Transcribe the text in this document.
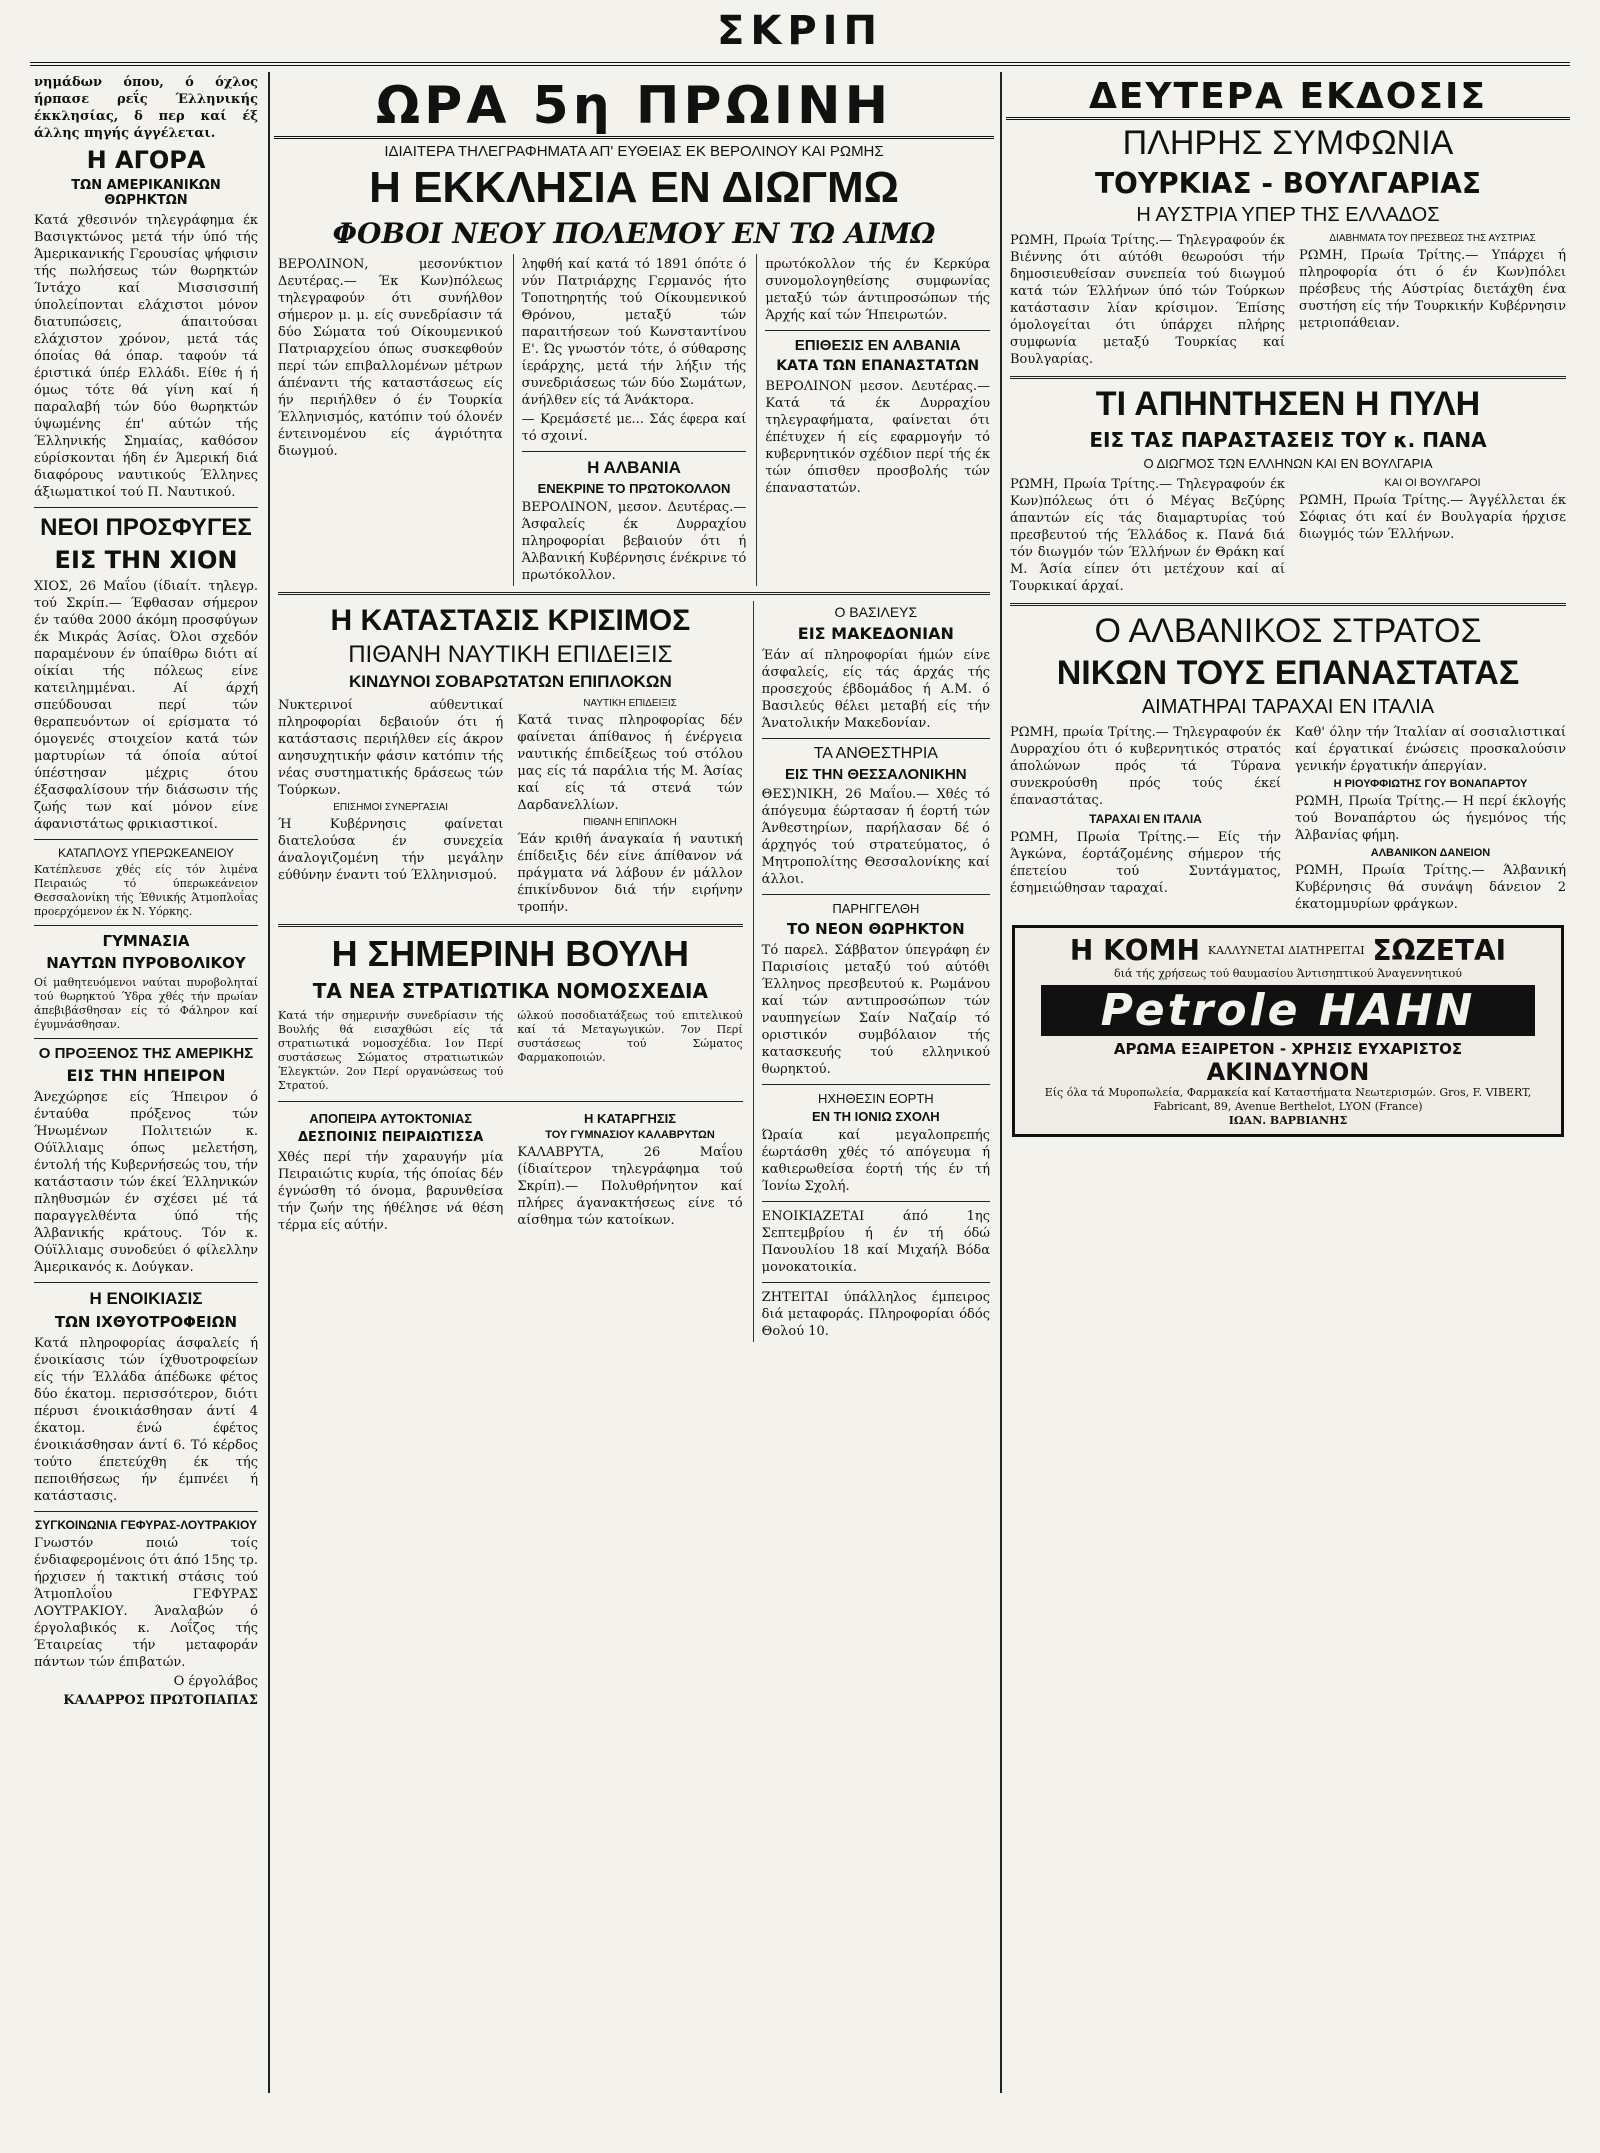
ΣΚΡΙΠ
νημάδων όπου, ό όχλος ήρπασε ρεΐς Έλληνικής έκκλησίας, δ περ καί έξ άλλης πηγής άγγέλεται.
Η ΑΓΟΡΑ
ΤΩΝ ΑΜΕΡΙΚΑΝΙΚΩΝ ΘΩΡΗΚΤΩΝ
Κατά χθεσινόν τηλεγράφημα έκ Βασιγκτώνος μετά τήν ύπό τής Άμερικανικής Γερουσίας ψήφισιν τής πωλήσεως τών θωρηκτών Ίντάχο καί Μισσισσιπή ύπολείπονται ελάχιστοι μόνον διατυπώσεις, άπαιτούσαι ελάχιστον χρόνον, μετά τάς όποίας θά όπαρ. ταφούν τά έριστικά ύπέρ Ελλάδι. Είθε ή ή όμως τότε θά γίνη καί ή παραλαβή τών δύο θωρηκτών ύψωμένης έπ' αύτών τής Έλληνικής Σημαίας, καθόσον εύρίσκονται ήδη έν Άμερική διά διαφόρους ναυτικούς Έλληνες άξιωματικοί τού Π. Ναυτικού.
ΝΕΟΙ ΠΡΟΣΦΥΓΕΣ
ΕΙΣ ΤΗΝ ΧΙΟΝ
ΧΙΟΣ, 26 Μαΐου (ίδιαίτ. τηλεγρ. τού Σκρίπ.— Έφθασαν σήμερον έν ταύθα 2000 άκόμη προσφύγων έκ Μικράς Άσίας. Όλοι σχεδόν παραμένουν έν ύπαίθρω διότι αί οίκίαι τής πόλεως είνε κατειλημμέναι. Αί άρχή σπεύδουσαι περί τών θεραπευόντων οί ερίσματα τό όμογενές στοιχείον κατά τών μαρτυρίων τά όποία αύτοί ύπέστησαν μέχρις ότου έξασφαλίσουν τήν διάσωσιν τής ζωής των καί μόνον είνε άφανιστάτως φρικιαστικοί.
ΚΑΤΑΠΛΟΥΣ ΥΠΕΡΩΚΕΑΝΕΙΟΥ
Κατέπλευσε χθές είς τόν λιμένα Πειραιώς τό ύπερωκεάνειον Θεσσαλονίκη τής Έθνικής Άτμοπλοΐας προερχόμενον έκ Ν. Υόρκης.
ΓΥΜΝΑΣΙΑ
ΝΑΥΤΩΝ ΠΥΡΟΒΟΛΙΚΟΥ
Οί μαθητευόμενοι ναύται πυροβοληταί τού θωρηκτού Ύδρα χθές τήν πρωίαν άπεβιβάσθησαν είς τό Φάληρον καί έγυμνάσθησαν.
Ο ΠΡΟΞΕΝΟΣ ΤΗΣ ΑΜΕΡΙΚΗΣ
ΕΙΣ ΤΗΝ ΗΠΕΙΡΟΝ
Άνεχώρησε είς Ήπειρον ό ένταύθα πρόξενος τών Ήνωμένων Πολιτειών κ. Ούϊλλιαμς όπως μελετήση, έντολή τής Κυβερνήσεώς του, τήν κατάστασιν τών έκεί Έλληνικών πληθυσμών έν σχέσει μέ τά παραγγελθέντα ύπό τής Άλβανικής κράτους. Τόν κ. Ούϊλλιαμς συνοδεύει ό φίλελλην Άμερικανός κ. Δούγκαν.
Η ΕΝΟΙΚΙΑΣΙΣ
ΤΩΝ ΙΧΘΥΟΤΡΟΦΕΙΩΝ
Κατά πληροφορίας άσφαλείς ή ένοικίασις τών ίχθυοτροφείων είς τήν Έλλάδα άπέδωκε φέτος δύο έκατομ. περισσότερον, διότι πέρυσι ένοικιάσθησαν άντί 4 έκατομ. ένώ έφέτος ένοικιάσθησαν άντί 6. Τό κέρδος τούτο έπετεύχθη έκ τής πεποιθήσεως ήν έμπνέει ή κατάστασις.
ΣΥΓΚΟΙΝΩΝΙΑ ΓΕΦΥΡΑΣ-ΛΟΥΤΡΑΚΙΟΥ
Γνωστόν ποιώ τοίς ένδιαφερομένοις ότι άπό 15ης τρ. ήρχισεν ή τακτική στάσις τού Άτμοπλοΐου ΓΕΦΥΡΑΣ ΛΟΥΤΡΑΚΙΟΥ. Άναλαβών ό έργολαβικός κ. Λοΐζος τής Έταιρείας τήν μεταφοράν πάντων τών έπιβατών.
Ο έργολάβος
ΚΑΛΑΡΡΟΣ ΠΡΩΤΟΠΑΠΑΣ
ΩΡΑ 5η ΠΡΩΙΝΗ
ΙΔΙΑΙΤΕΡΑ ΤΗΛΕΓΡΑΦΗΜΑΤΑ ΑΠ' ΕΥΘΕΙΑΣ ΕΚ ΒΕΡΟΛΙΝΟΥ ΚΑΙ ΡΩΜΗΣ
Η ΕΚΚΛΗΣΙΑ ΕΝ ΔΙΩΓΜΩ
ΦΟΒΟΙ ΝΕΟΥ ΠΟΛΕΜΟΥ ΕΝ ΤΩ ΑΙΜΩ
ΒΕΡΟΛΙΝΟΝ, μεσονύκτιον Δευτέρας.— Έκ Κων)πόλεως τηλεγραφούν ότι συνήλθον σήμερον μ. μ. είς συνεδρίασιν τά δύο Σώματα τού Οίκουμενικού Πατριαρχείου όπως συσκεφθούν περί τών επιβαλλομένων μέτρων άπέναντι τής καταστάσεως είς ήν περιήλθεν ό έν Τουρκία Έλληνισμός, κατόπιν τού όλονέν έντεινομένου είς άγριότητα διωγμού.
ληφθή καί κατά τό 1891 όπότε ό νύν Πατριάρχης Γερμανός ήτο Τοποτηρητής τού Οίκουμενικού Θρόνου, μεταξύ τών παραιτήσεων τού Κωνσταντίνου Ε'. Ώς γνωστόν τότε, ό σύθαρσης ίεράρχης, μετά τήν λήξιν τής συνεδριάσεως τών δύο Σωμάτων, άνήλθεν είς τά Άνάκτορα.
— Κρεμάσετέ με... Σάς έφερα καί τό σχοινί.
Η ΑΛΒΑΝΙΑ
ΕΝΕΚΡΙΝΕ ΤΟ ΠΡΩΤΟΚΟΛΛΟΝ
ΒΕΡΟΛΙΝΟΝ, μεσον. Δευτέρας.— Άσφαλείς έκ Δυρραχίου πληροφορίαι βεβαιούν ότι ή Άλβανική Κυβέρνησις ένέκρινε τό πρωτόκολλον.
πρωτόκολλον τής έν Κερκύρα συνομολογηθείσης συμφωνίας μεταξύ τών άντιπροσώπων τής Άρχής καί τών Ήπειρωτών.
ΕΠΙΘΕΣΙΣ ΕΝ ΑΛΒΑΝΙΑ
ΚΑΤΑ ΤΩΝ ΕΠΑΝΑΣΤΑΤΩΝ
ΒΕΡΟΛΙΝΟΝ μεσον. Δευτέρας.— Κατά τά έκ Δυρραχίου τηλεγραφήματα, φαίνεται ότι έπέτυχεν ή είς εφαρμογήν τό κυβερνητικόν σχέδιον περί τής έκ τών όπισθεν προσβολής τών έπαναστατών.
Η ΚΑΤΑΣΤΑΣΙΣ ΚΡΙΣΙΜΟΣ
ΠΙΘΑΝΗ ΝΑΥΤΙΚΗ ΕΠΙΔΕΙΞΙΣ
ΚΙΝΔΥΝΟΙ ΣΟΒΑΡΩΤΑΤΩΝ ΕΠΙΠΛΟΚΩΝ
Νυκτερινοί αύθεντικαί πληροφορίαι δεβαιούν ότι ή κατάστασις περιήλθεν είς άκρον ανησυχητικήν φάσιν κατόπιν τής νέας συστηματικής δράσεως τών Τούρκων.
ΕΠΙΣΗΜΟΙ ΣΥΝΕΡΓΑΣΙΑΙ
Ή Κυβέρνησις φαίνεται διατελούσα έν συνεχεία άναλογιζομένη τήν μεγάλην εύθύνην έναντι τού Έλληνισμού.
ΝΑΥΤΙΚΗ ΕΠΙΔΕΙΞΙΣ
Κατά τινας πληροφορίας δέν φαίνεται άπίθανος ή ένέργεια ναυτικής έπιδείξεως τού στόλου μας είς τά παράλια τής Μ. Άσίας καί είς τά στενά τών Δαρδανελλίων.
ΠΙΘΑΝΗ ΕΠΙΠΛΟΚΗ
Έάν κριθή άναγκαία ή ναυτική έπίδειξις δέν είνε άπίθανον νά πράγματα νά λάβουν έν μάλλον έπικίνδυνον διά τήν ειρήνην τροπήν.
Η ΣΗΜΕΡΙΝΗ ΒΟΥΛΗ
ΤΑ ΝΕΑ ΣΤΡΑΤΙΩΤΙΚΑ ΝΟΜΟΣΧΕΔΙΑ
Κατά τήν σημερινήν συνεδρίασιν τής Βουλής θά εισαχθώσι είς τά στρατιωτικά νομοσχέδια. 1ον Περί συστάσεως Σώματος στρατιωτικών Έλεγκτών. 2ον Περί οργανώσεως τού Στρατού.
ώλκού ποσοδιατάξεως τού επιτελικού καί τά Μεταγωγικών. 7ον Περί συστάσεως τού Σώματος Φαρμακοποιών.
ΑΠΟΠΕΙΡΑ ΑΥΤΟΚΤΟΝΙΑΣ
ΔΕΣΠΟΙΝΙΣ ΠΕΙΡΑΙΩΤΙΣΣΑ
Χθές περί τήν χαραυγήν μία Πειραιώτις κυρία, τής όποίας δέν έγνώσθη τό όνομα, βαρυνθείσα τήν ζωήν της ήθέλησε νά θέση τέρμα είς αύτήν.
Η ΚΑΤΑΡΓΗΣΙΣ
ΤΟΥ ΓΥΜΝΑΣΙΟΥ ΚΑΛΑΒΡΥΤΩΝ
ΚΑΛΑΒΡΥΤΑ, 26 Μαΐου (ίδιαίτερον τηλεγράφημα τού Σκρίπ).— Πολυθρήνητον καί πλήρες άγανακτήσεως είνε τό αίσθημα τών κατοίκων.
Ο ΒΑΣΙΛΕΥΣ
ΕΙΣ ΜΑΚΕΔΟΝΙΑΝ
Έάν αί πληροφορίαι ήμών είνε άσφαλείς, είς τάς άρχάς τής προσεχούς έβδομάδος ή Α.Μ. ό Βασιλεύς θέλει μεταβή είς τήν Άνατολικήν Μακεδονίαν.
ΤΑ ΑΝΘΕΣΤΗΡΙΑ
ΕΙΣ ΤΗΝ ΘΕΣΣΑΛΟΝΙΚΗΝ
ΘΕΣ)ΝΙΚΗ, 26 Μαΐου.— Χθές τό άπόγευμα έώρτασαν ή έορτή τών Άνθεστηρίων, παρήλασαν δέ ό άρχηγός τού στρατεύματος, ό Μητροπολίτης Θεσσαλονίκης καί άλλοι.
ΠΑΡΗΓΓΕΛΘΗ
ΤΟ ΝΕΟΝ ΘΩΡΗΚΤΟΝ
Τό παρελ. Σάββατον ύπεγράφη έν Παρισίοις μεταξύ τού αύτόθι Έλληνος πρεσβευτού κ. Ρωμάνου καί τών αντιπροσώπων τών ναυπηγείων Σαίν Ναζαίρ τό οριστικόν συμβόλαιον τής κατασκευής τού ελληνικού θωρηκτού.
ΗΧΗΘΕΣΙΝ ΕΟΡΤΗ
ΕΝ ΤΗ ΙΟΝΙΩ ΣΧΟΛΗ
Ώραία καί μεγαλοπρεπής έωρτάσθη χθές τό απόγευμα ή καθιερωθείσα έορτή τής έν τή Ίονίω Σχολή.
ΕΝΟΙΚΙΑΖΕΤΑΙ άπό 1ης Σεπτεμβρίου ή έν τή όδώ Πανουλίου 18 καί Μιχαήλ Βόδα μονοκατοικία.
ΖΗΤΕΙΤΑΙ ύπάλληλος έμπειρος διά μεταφοράς. Πληροφορίαι όδός Θολού 10.
ΔΕΥΤΕΡΑ ΕΚΔΟΣΙΣ
ΠΛΗΡΗΣ ΣΥΜΦΩΝΙΑ
ΤΟΥΡΚΙΑΣ - ΒΟΥΛΓΑΡΙΑΣ
Η ΑΥΣΤΡΙΑ ΥΠΕΡ ΤΗΣ ΕΛΛΑΔΟΣ
ΡΩΜΗ, Πρωία Τρίτης.— Τηλεγραφούν έκ Βιέννης ότι αύτόθι θεωρούσι τήν δημοσιευθείσαν συνεπεία τού διωγμού κατά τών Έλλήνων ύπό τών Τούρκων κατάστασιν λίαν κρίσιμον. Έπίσης όμολογείται ότι ύπάρχει πλήρης συμφωνία μεταξύ Τουρκίας καί Βουλγαρίας.
ΔΙΑΒΗΜΑΤΑ ΤΟΥ ΠΡΕΣΒΕΩΣ ΤΗΣ ΑΥΣΤΡΙΑΣ
ΡΩΜΗ, Πρωία Τρίτης.— Υπάρχει ή πληροφορία ότι ό έν Κων)πόλει πρέσβευς τής Αύστρίας διετάχθη ένα συστήση είς τήν Τουρκικήν Κυβέρνησιν μετριοπάθειαν.
ΤΙ ΑΠΗΝΤΗΣΕΝ Η ΠΥΛΗ
ΕΙΣ ΤΑΣ ΠΑΡΑΣΤΑΣΕΙΣ ΤΟΥ κ. ΠΑΝΑ
Ο ΔΙΩΓΜΟΣ ΤΩΝ ΕΛΛΗΝΩΝ ΚΑΙ ΕΝ ΒΟΥΛΓΑΡΙΑ
ΡΩΜΗ, Πρωία Τρίτης.— Τηλεγραφούν έκ Κων)πόλεως ότι ό Μέγας Βεζύρης άπαντών είς τάς διαμαρτυρίας τού πρεσβευτού τής Έλλάδος κ. Πανά διά τόν διωγμόν τών Έλλήνων έν Θράκη καί Μ. Άσία είπεν ότι μετέχουν καί αί Τουρκικαί άρχαί.
ΚΑΙ ΟΙ ΒΟΥΛΓΑΡΟΙ
ΡΩΜΗ, Πρωία Τρίτης.— Άγγέλλεται έκ Σόφιας ότι καί έν Βουλγαρία ήρχισε διωγμός τών Έλλήνων.
Ο ΑΛΒΑΝΙΚΟΣ ΣΤΡΑΤΟΣ
ΝΙΚΩΝ ΤΟΥΣ ΕΠΑΝΑΣΤΑΤΑΣ
ΑΙΜΑΤΗΡΑΙ ΤΑΡΑΧΑΙ ΕΝ ΙΤΑΛΙΑ
ΡΩΜΗ, πρωία Τρίτης.— Τηλεγραφούν έκ Δυρραχίου ότι ό κυβερνητικός στρατός άπολώνων πρός τά Τύρανα συνεκρούσθη πρός τούς έκεί έπαναστάτας.
ΤΑΡΑΧΑΙ ΕΝ ΙΤΑΛΙΑ
ΡΩΜΗ, Πρωία Τρίτης.— Είς τήν Άγκώνα, έορτάζομένης σήμερον τής έπετείου τού Συντάγματος, έσημειώθησαν ταραχαί.
Καθ' όλην τήν Ίταλίαν αί σοσιαλιστικαί καί έργατικαί ένώσεις προσκαλούσιν γενικήν έργατικήν άπεργίαν.
Η ΡΙΟΥΦΦΙΩΤΗΣ ΓΟΥ ΒΟΝΑΠΑΡΤΟΥ
ΡΩΜΗ, Πρωία Τρίτης.— Η περί έκλογής τού Βοναπάρτου ώς ήγεμόνος τής Άλβανίας φήμη.
ΑΛΒΑΝΙΚΟΝ ΔΑΝΕΙΟΝ
ΡΩΜΗ, Πρωία Τρίτης.— Άλβανική Κυβέρνησις θά συνάψη δάνειον 2 έκατομμυρίων φράγκων.
Η ΚΟΜΗ ΚΑΛΛΥΝΕΤΑΙ ΔΙΑΤΗΡΕΙΤΑΙ ΣΩΖΕΤΑΙ
διά τής χρήσεως τού θαυμασίου Άντισηπτικού Άναγεννητικού
Petrole HAHN
ΑΡΩΜΑ ΕΞΑΙΡΕΤΟΝ - ΧΡΗΣΙΣ ΕΥΧΑΡΙΣΤΟΣ
ΑΚΙΝΔΥΝΟΝ
Είς όλα τά Μυροπωλεία, Φαρμακεία καί Καταστήματα Νεωτερισμών. Gros, F. VIBERT, Fabricant, 89, Avenue Berthelot, LYON (France)
ΙΩΑΝ. ΒΑΡΒΙΑΝΗΣ
